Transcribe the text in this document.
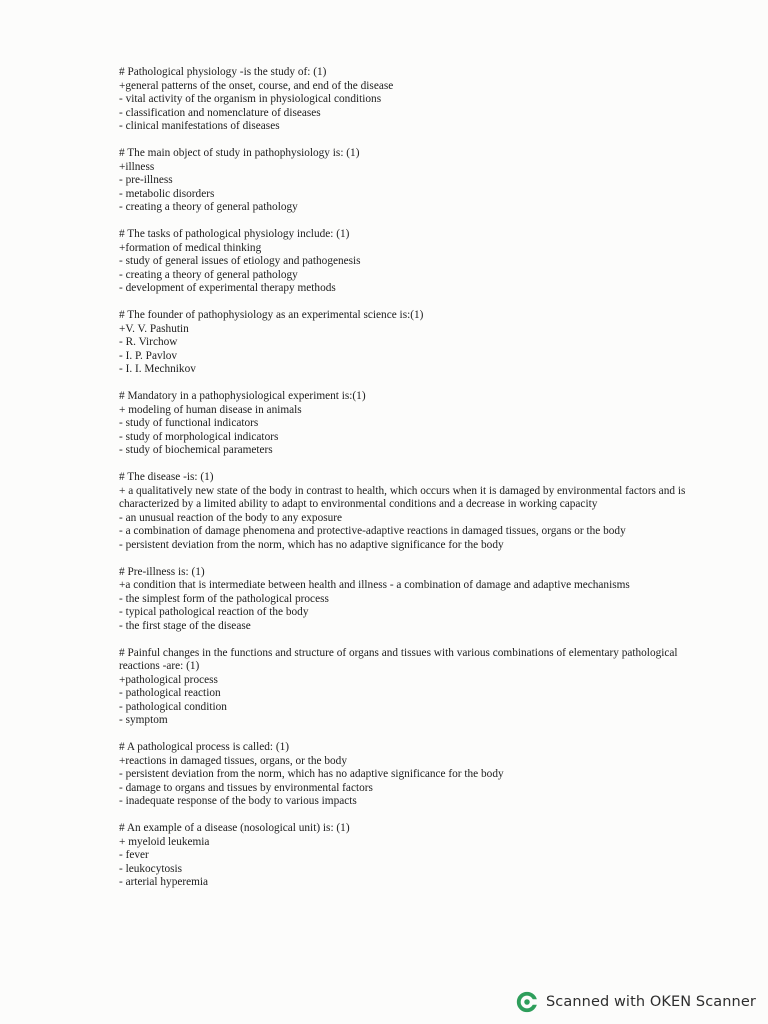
# Pathological physiology -is the study of: (1)
+general patterns of the onset, course, and end of the disease
- vital activity of the organism in physiological conditions
- classification and nomenclature of diseases
- clinical manifestations of diseases
# The main object of study in pathophysiology is: (1)
+illness
- pre-illness
- metabolic disorders
- creating a theory of general pathology
# The tasks of pathological physiology include: (1)
+formation of medical thinking
- study of general issues of etiology and pathogenesis
- creating a theory of general pathology
- development of experimental therapy methods
# The founder of pathophysiology as an experimental science is:(1)
+V. V. Pashutin
- R. Virchow
- I. P. Pavlov
- I. I. Mechnikov
# Mandatory in a pathophysiological experiment is:(1)
+ modeling of human disease in animals
- study of functional indicators
- study of morphological indicators
- study of biochemical parameters
# The disease -is: (1)
+ a qualitatively new state of the body in contrast to health, which occurs when it is damaged by environmental factors and is characterized by a limited ability to adapt to environmental conditions and a decrease in working capacity
- an unusual reaction of the body to any exposure
- a combination of damage phenomena and protective-adaptive reactions in damaged tissues, organs or the body
- persistent deviation from the norm, which has no adaptive significance for the body
# Pre-illness is: (1)
+a condition that is intermediate between health and illness - a combination of damage and adaptive mechanisms
- the simplest form of the pathological process
- typical pathological reaction of the body
- the first stage of the disease
# Painful changes in the functions and structure of organs and tissues with various combinations of elementary pathological reactions -are: (1)
+pathological process
- pathological reaction
- pathological condition
- symptom
# A pathological process is called: (1)
+reactions in damaged tissues, organs, or the body
- persistent deviation from the norm, which has no adaptive significance for the body
- damage to organs and tissues by environmental factors
- inadequate response of the body to various impacts
# An example of a disease (nosological unit) is: (1)
+ myeloid leukemia
- fever
- leukocytosis
- arterial hyperemia
Scanned with OKEN Scanner
